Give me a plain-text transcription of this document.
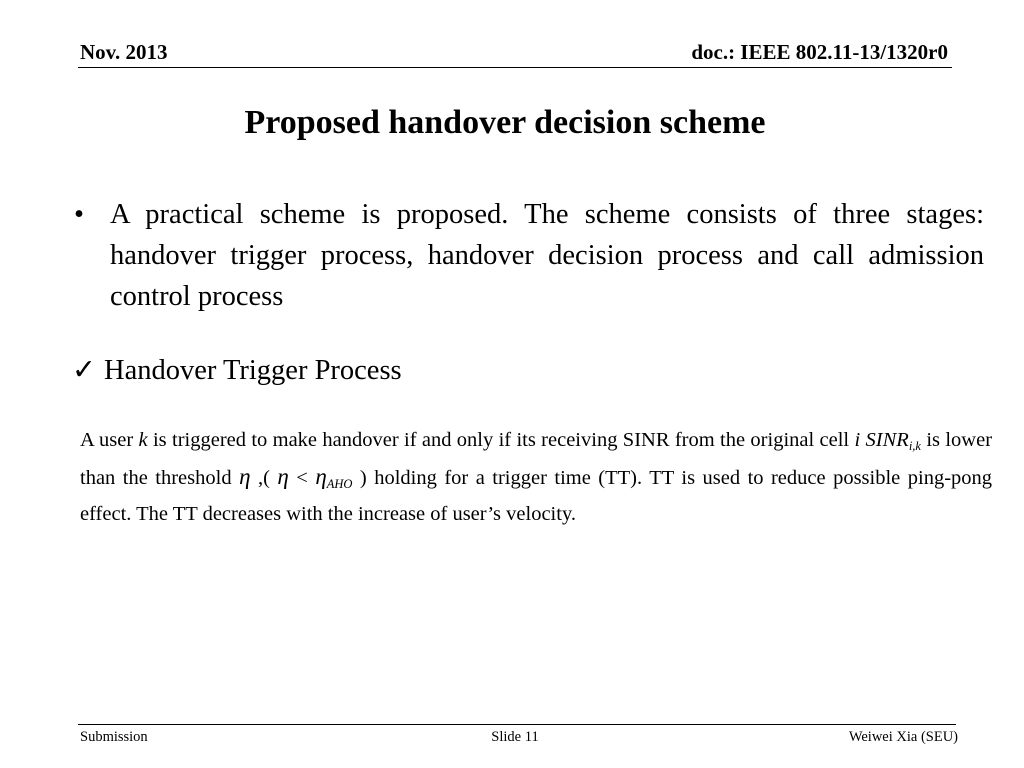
Nov. 2013	doc.: IEEE 802.11-13/1320r0
Proposed handover decision scheme
• A practical scheme is proposed. The scheme consists of three stages: handover trigger process, handover decision process and call admission control process
✓ Handover Trigger Process
A user k is triggered to make handover if and only if its receiving SINR from the original cell i $SINR_{i,k}$ is lower than the threshold η ,( $\eta < \eta_{AHO}$ ) holding for a trigger time (TT). TT is used to reduce possible ping-pong effect. The TT decreases with the increase of user’s velocity.
Submission	Slide 11	Weiwei Xia (SEU)
